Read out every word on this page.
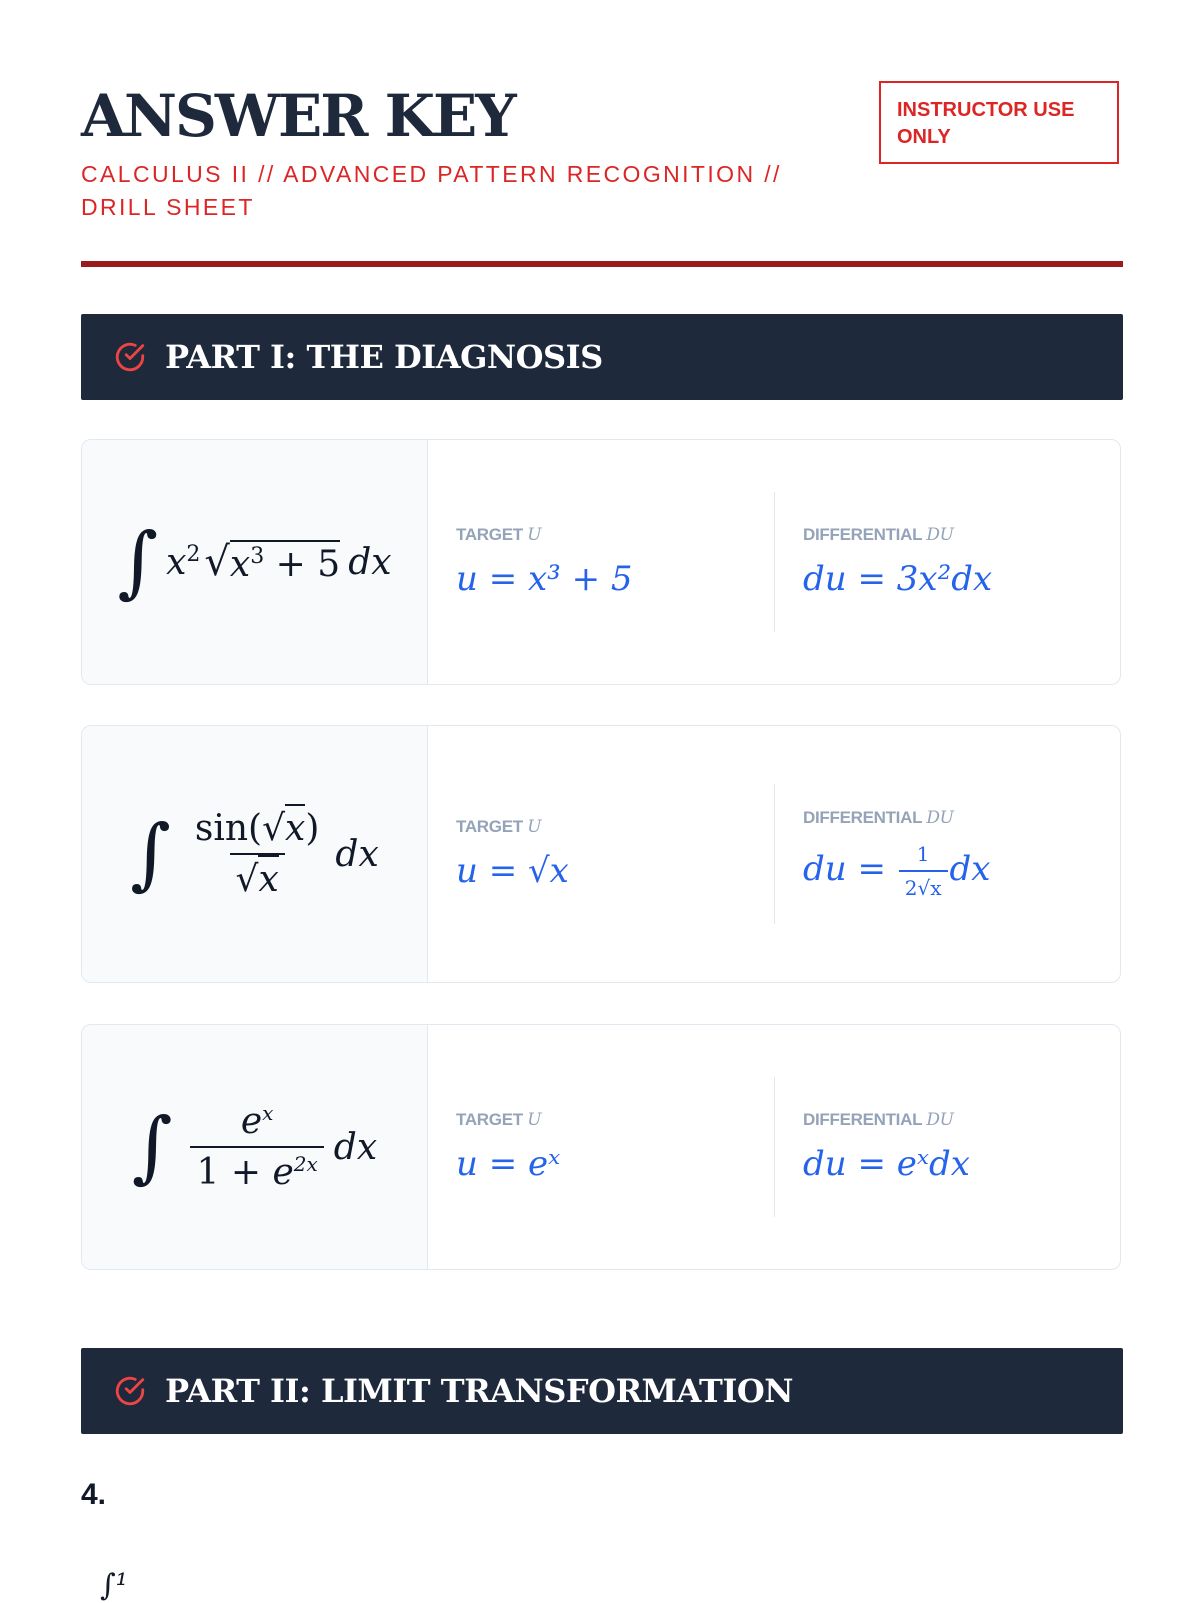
ANSWER KEY
CALCULUS II // ADVANCED PATTERN RECOGNITION // DRILL SHEET
INSTRUCTOR USE ONLY
PART I: THE DIAGNOSIS
∫ $x^2$ √ $x^3 + 5$ dx
TARGET U
u = x³ + 5
DIFFERENTIAL DU
du = 3x²dx
∫ $\frac{\sin(√x)}{√x}$ dx
TARGET U
u = √x
DIFFERENTIAL DU
du = $\frac{1}{2√x}$ dx
∫ $\frac{e^x}{1 + e^{2x}}$ dx
TARGET U
u = eˣ
DIFFERENTIAL DU
du = eˣdx
PART II: LIMIT TRANSFORMATION
4.
∫¹
